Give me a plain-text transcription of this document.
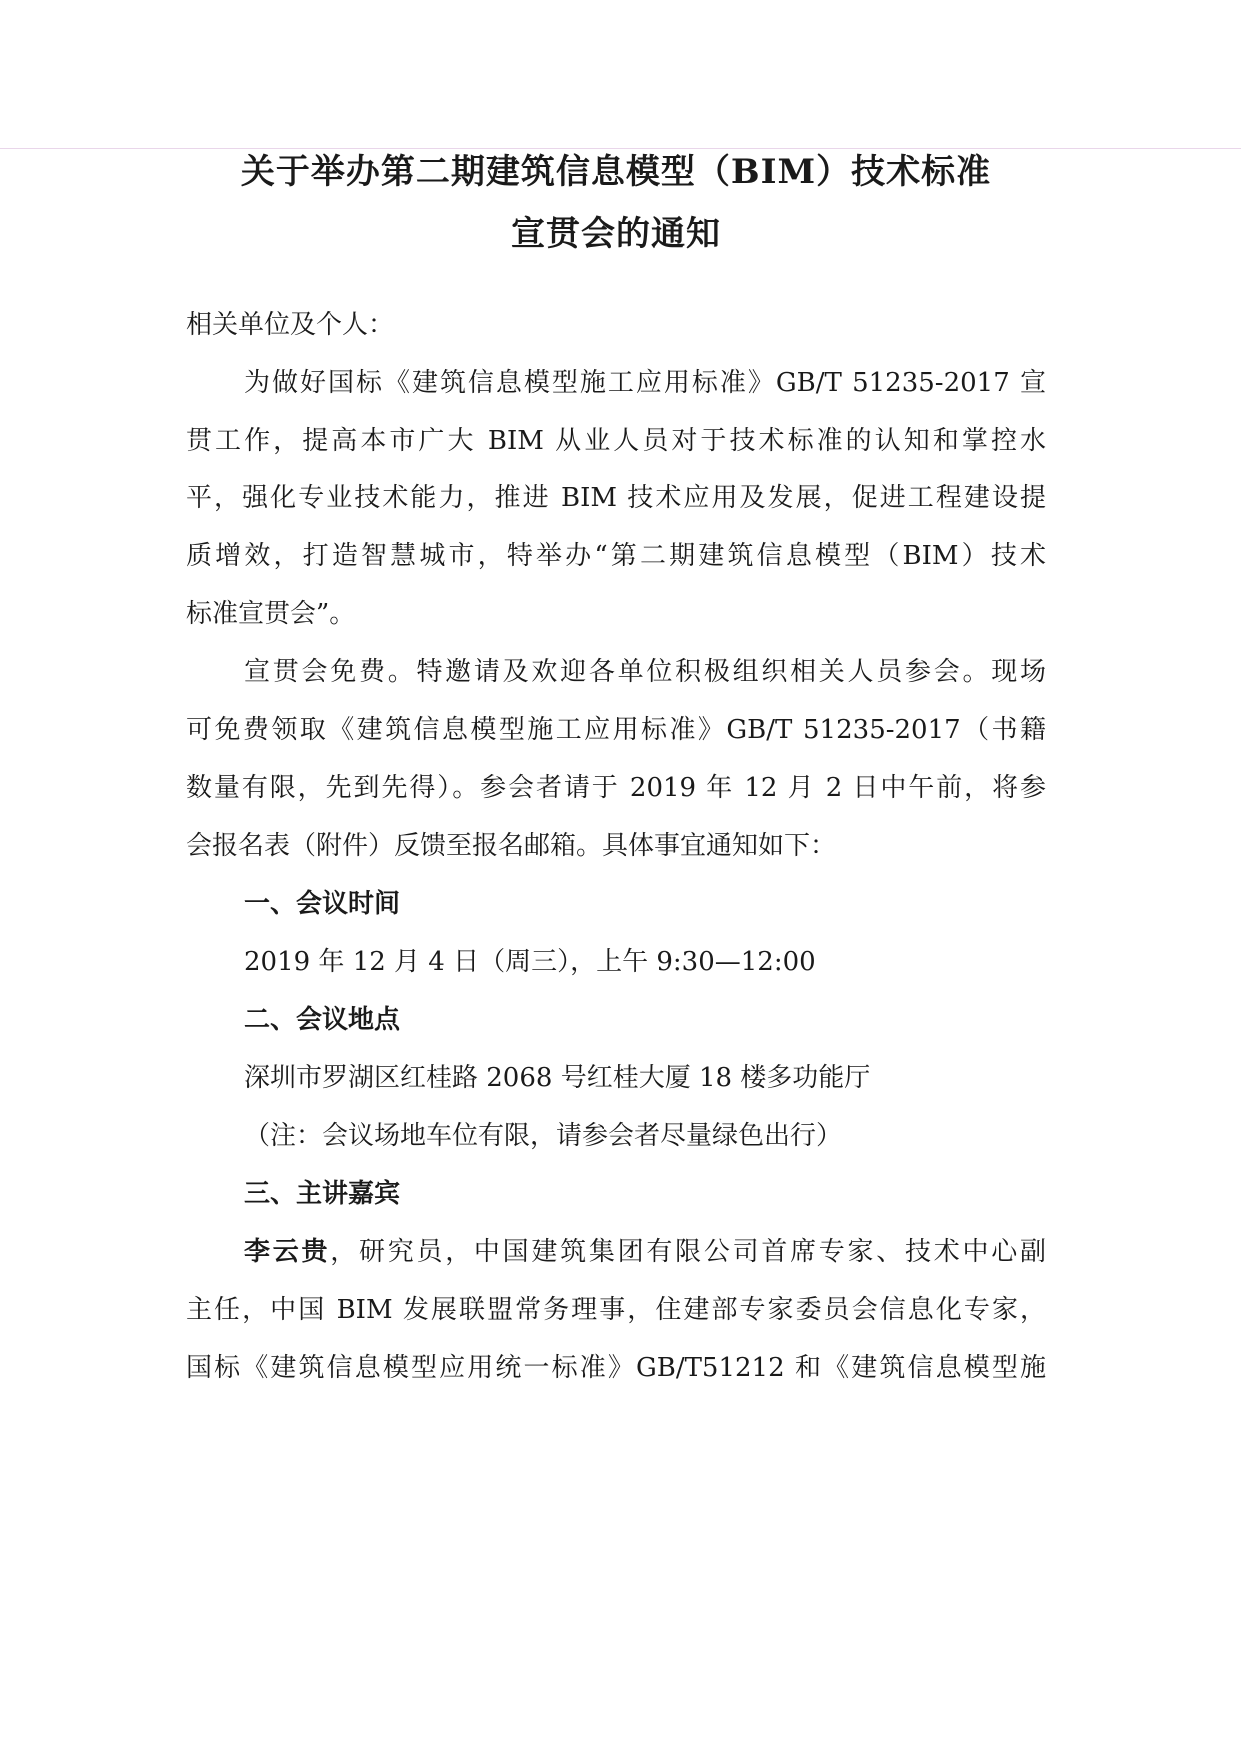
关于举办第二期建筑信息模型（BIM）技术标准
宣贯会的通知
相关单位及个人：
为做好国标《建筑信息模型施工应用标准》GB/T 51235-2017 宣
贯工作，提高本市广大 BIM 从业人员对于技术标准的认知和掌控水
平，强化专业技术能力，推进 BIM 技术应用及发展，促进工程建设提
质增效，打造智慧城市，特举办“第二期建筑信息模型（BIM）技术
标准宣贯会”。
宣贯会免费。特邀请及欢迎各单位积极组织相关人员参会。现场
可免费领取《建筑信息模型施工应用标准》GB/T 51235-2017（书籍
数量有限，先到先得）。参会者请于 2019 年 12 月 2 日中午前，将参
会报名表（附件）反馈至报名邮箱。具体事宜通知如下：
一、会议时间
2019 年 12 月 4 日（周三），上午 9:30—12:00
二、会议地点
深圳市罗湖区红桂路 2068 号红桂大厦 18 楼多功能厅
（注：会议场地车位有限，请参会者尽量绿色出行）
三、主讲嘉宾
李云贵，研究员，中国建筑集团有限公司首席专家、技术中心副
主任，中国 BIM 发展联盟常务理事，住建部专家委员会信息化专家，
国标《建筑信息模型应用统一标准》GB/T51212 和《建筑信息模型施
